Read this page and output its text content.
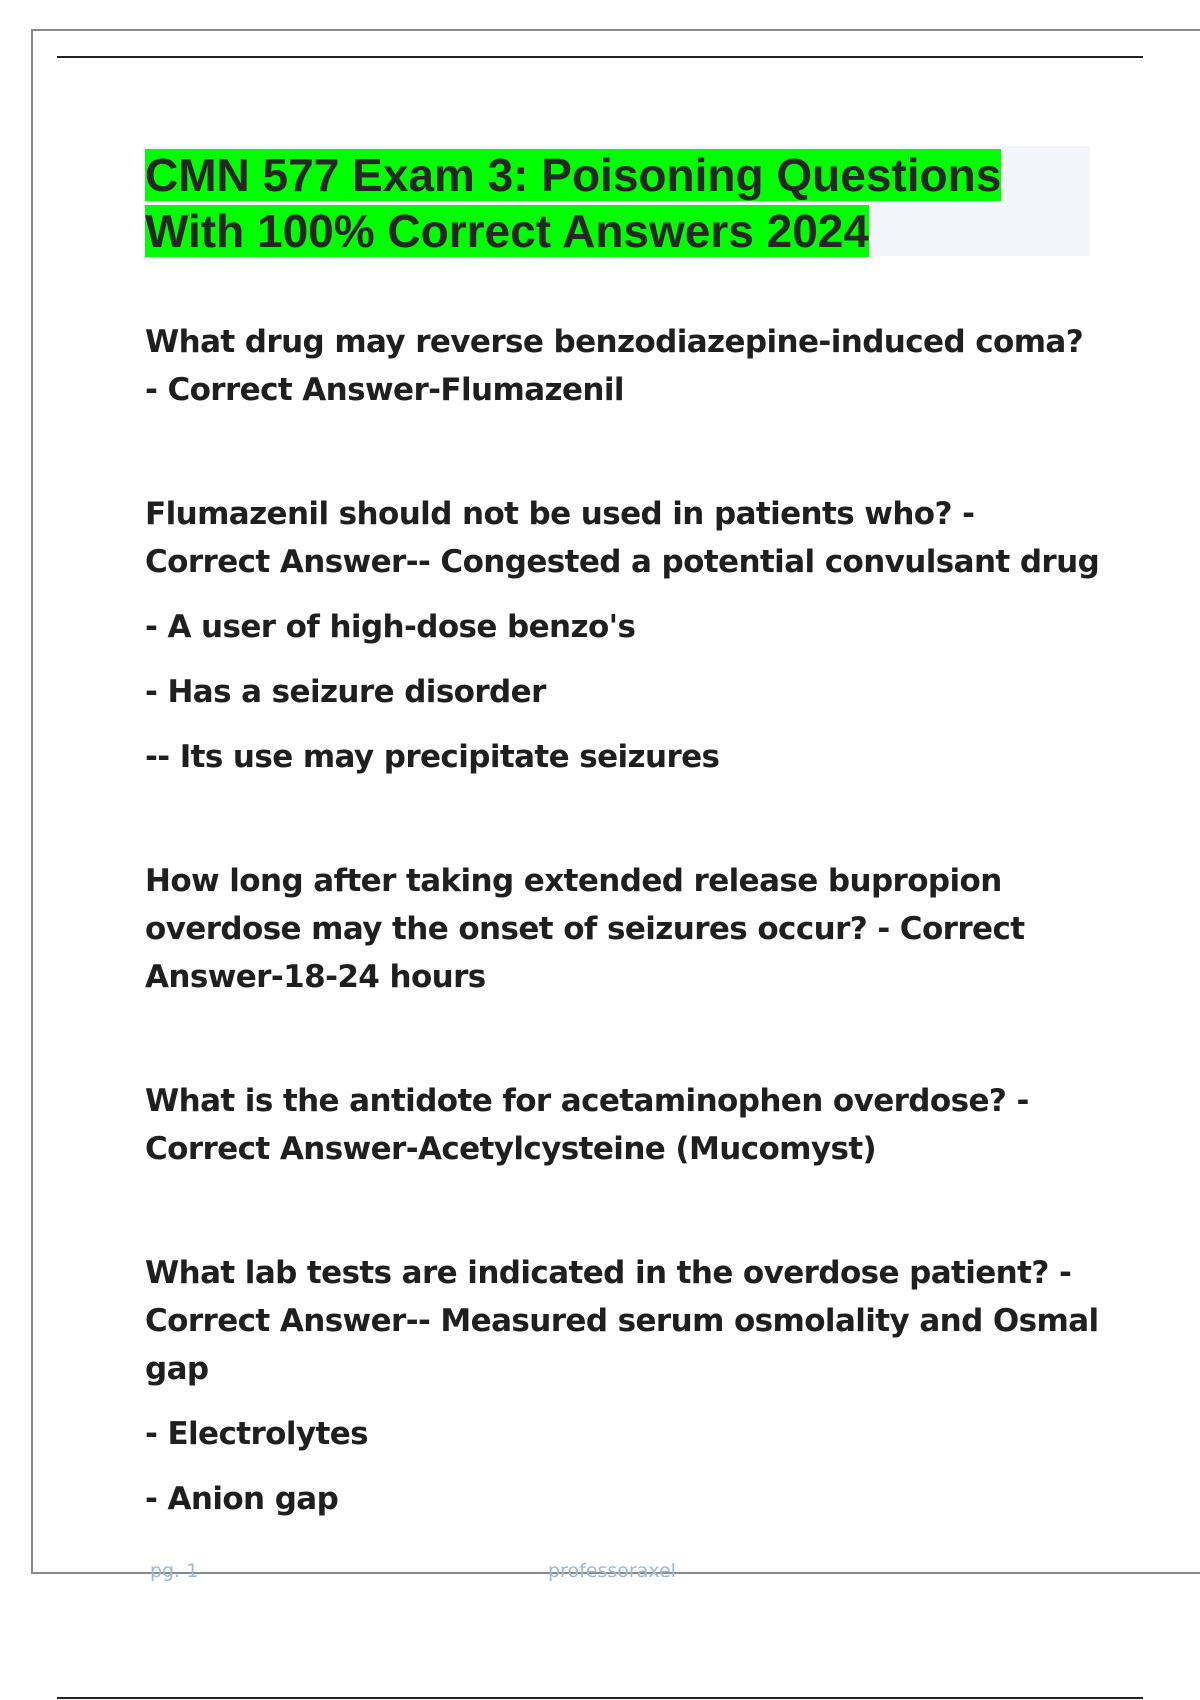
CMN 577 Exam 3: Poisoning Questions
With 100% Correct Answers 2024

What drug may reverse benzodiazepine-induced coma? - Correct Answer-Flumazenil

Flumazenil should not be used in patients who? - Correct Answer-- Congested a potential convulsant drug

- A user of high-dose benzo's

- Has a seizure disorder

-- Its use may precipitate seizures

How long after taking extended release bupropion overdose may the onset of seizures occur? - Correct Answer-18-24 hours

What is the antidote for acetaminophen overdose? - Correct Answer-Acetylcysteine (Mucomyst)

What lab tests are indicated in the overdose patient? - Correct Answer-- Measured serum osmolality and Osmal gap

- Electrolytes

- Anion gap

pg. 1	professoraxel
